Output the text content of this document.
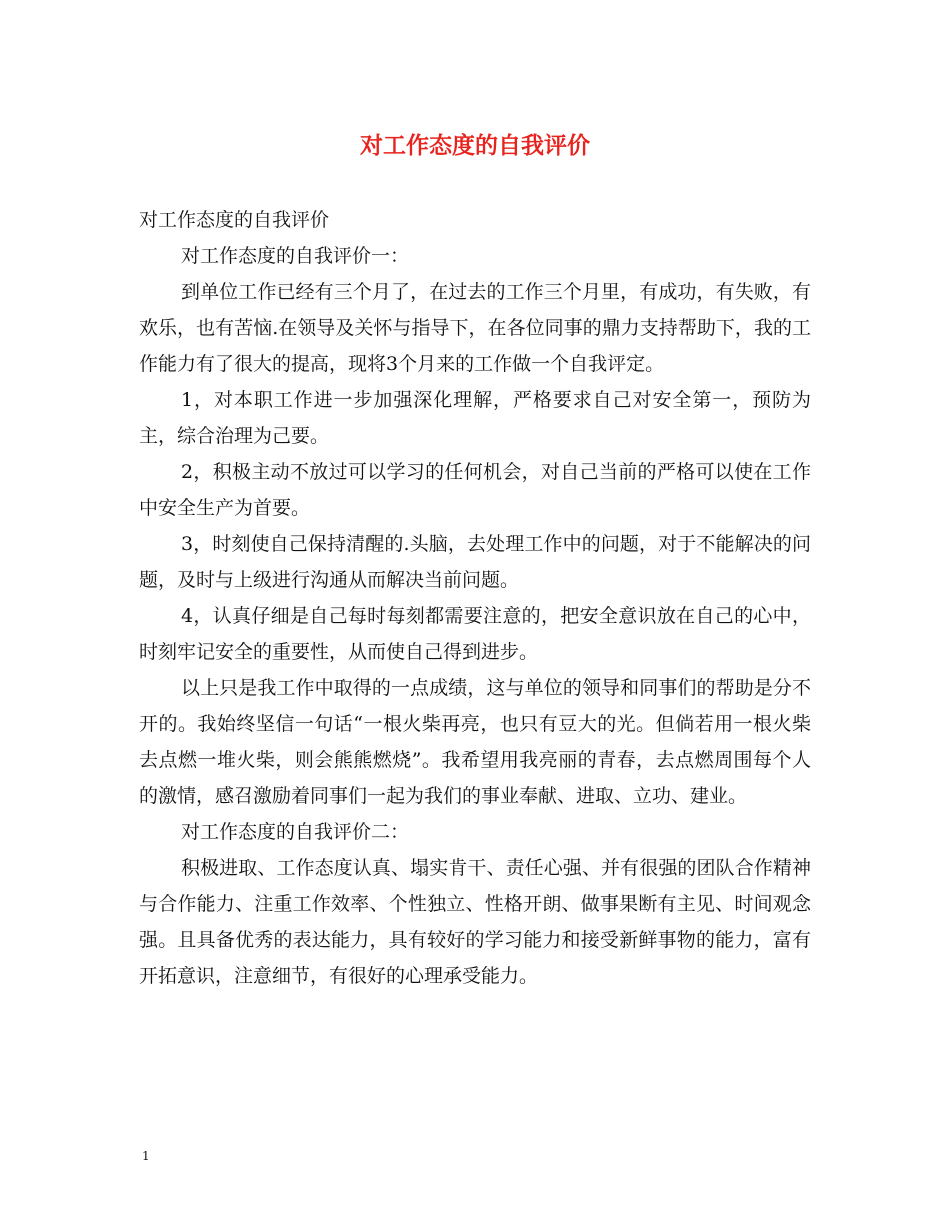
对工作态度的自我评价

对工作态度的自我评价

对工作态度的自我评价一：

到单位工作已经有三个月了，在过去的工作三个月里，有成功，有失败，有欢乐，也有苦恼.在领导及关怀与指导下，在各位同事的鼎力支持帮助下，我的工作能力有了很大的提高，现将3个月来的工作做一个自我评定。

1，对本职工作进一步加强深化理解，严格要求自己对安全第一，预防为主，综合治理为己要。

2，积极主动不放过可以学习的任何机会，对自己当前的严格可以使在工作中安全生产为首要。

3，时刻使自己保持清醒的.头脑，去处理工作中的问题，对于不能解决的问题，及时与上级进行沟通从而解决当前问题。

4，认真仔细是自己每时每刻都需要注意的，把安全意识放在自己的心中，时刻牢记安全的重要性，从而使自己得到进步。

以上只是我工作中取得的一点成绩，这与单位的领导和同事们的帮助是分不开的。我始终坚信一句话“一根火柴再亮，也只有豆大的光。但倘若用一根火柴去点燃一堆火柴，则会熊熊燃烧”。我希望用我亮丽的青春，去点燃周围每个人的激情，感召激励着同事们一起为我们的事业奉献、进取、立功、建业。

对工作态度的自我评价二：

积极进取、工作态度认真、塌实肯干、责任心强、并有很强的团队合作精神与合作能力、注重工作效率、个性独立、性格开朗、做事果断有主见、时间观念强。且具备优秀的表达能力，具有较好的学习能力和接受新鲜事物的能力，富有开拓意识，注意细节，有很好的心理承受能力。

1
